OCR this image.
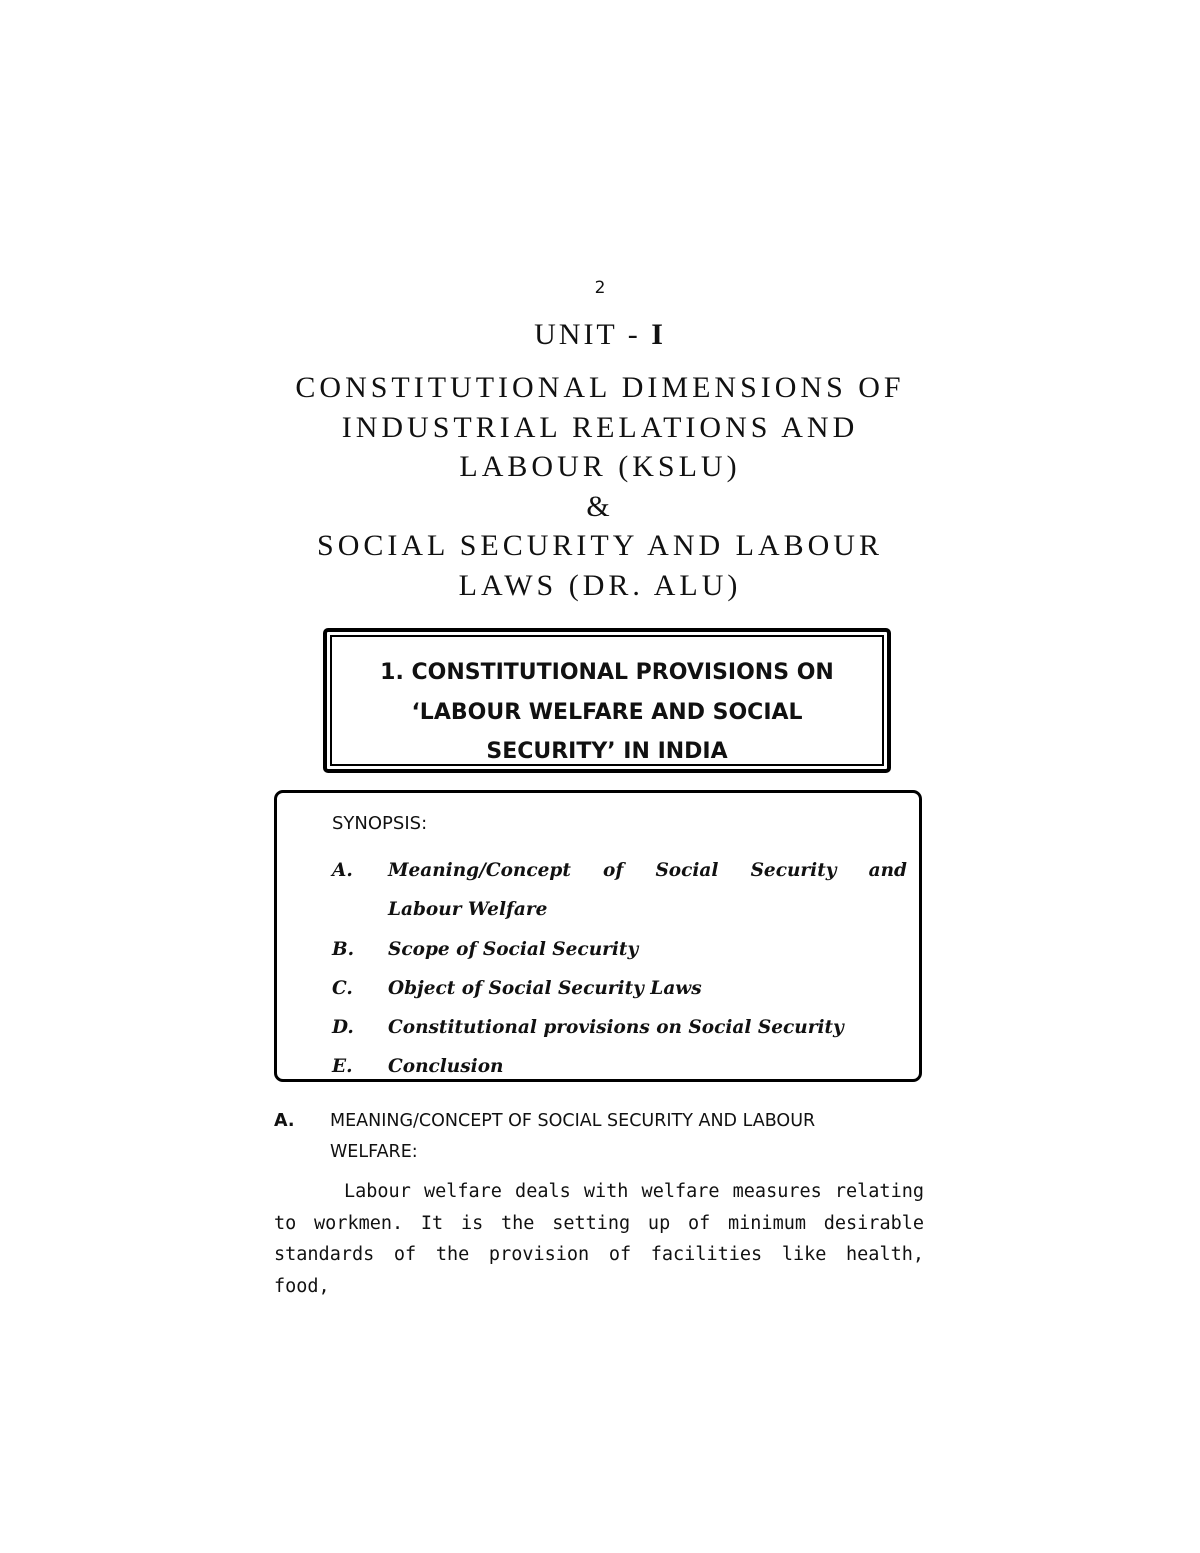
2
UNIT - I
CONSTITUTIONAL DIMENSIONS OF
INDUSTRIAL RELATIONS AND
LABOUR (KSLU)
&
SOCIAL SECURITY AND LABOUR
LAWS (DR. ALU)
1. CONSTITUTIONAL PROVISIONS ON
‘LABOUR WELFARE AND SOCIAL
SECURITY’ IN INDIA
SYNOPSIS:
A.	Meaning/Concept of Social Security and
Labour Welfare
B.	Scope of Social Security
C.	Object of Social Security Laws
D.	Constitutional provisions on Social Security
E.	Conclusion
A.	MEANING/CONCEPT OF SOCIAL SECURITY AND LABOUR
WELFARE:

Labour welfare deals with welfare measures relating to workmen. It is the setting up of minimum desirable standards of the provision of facilities like health, food,
